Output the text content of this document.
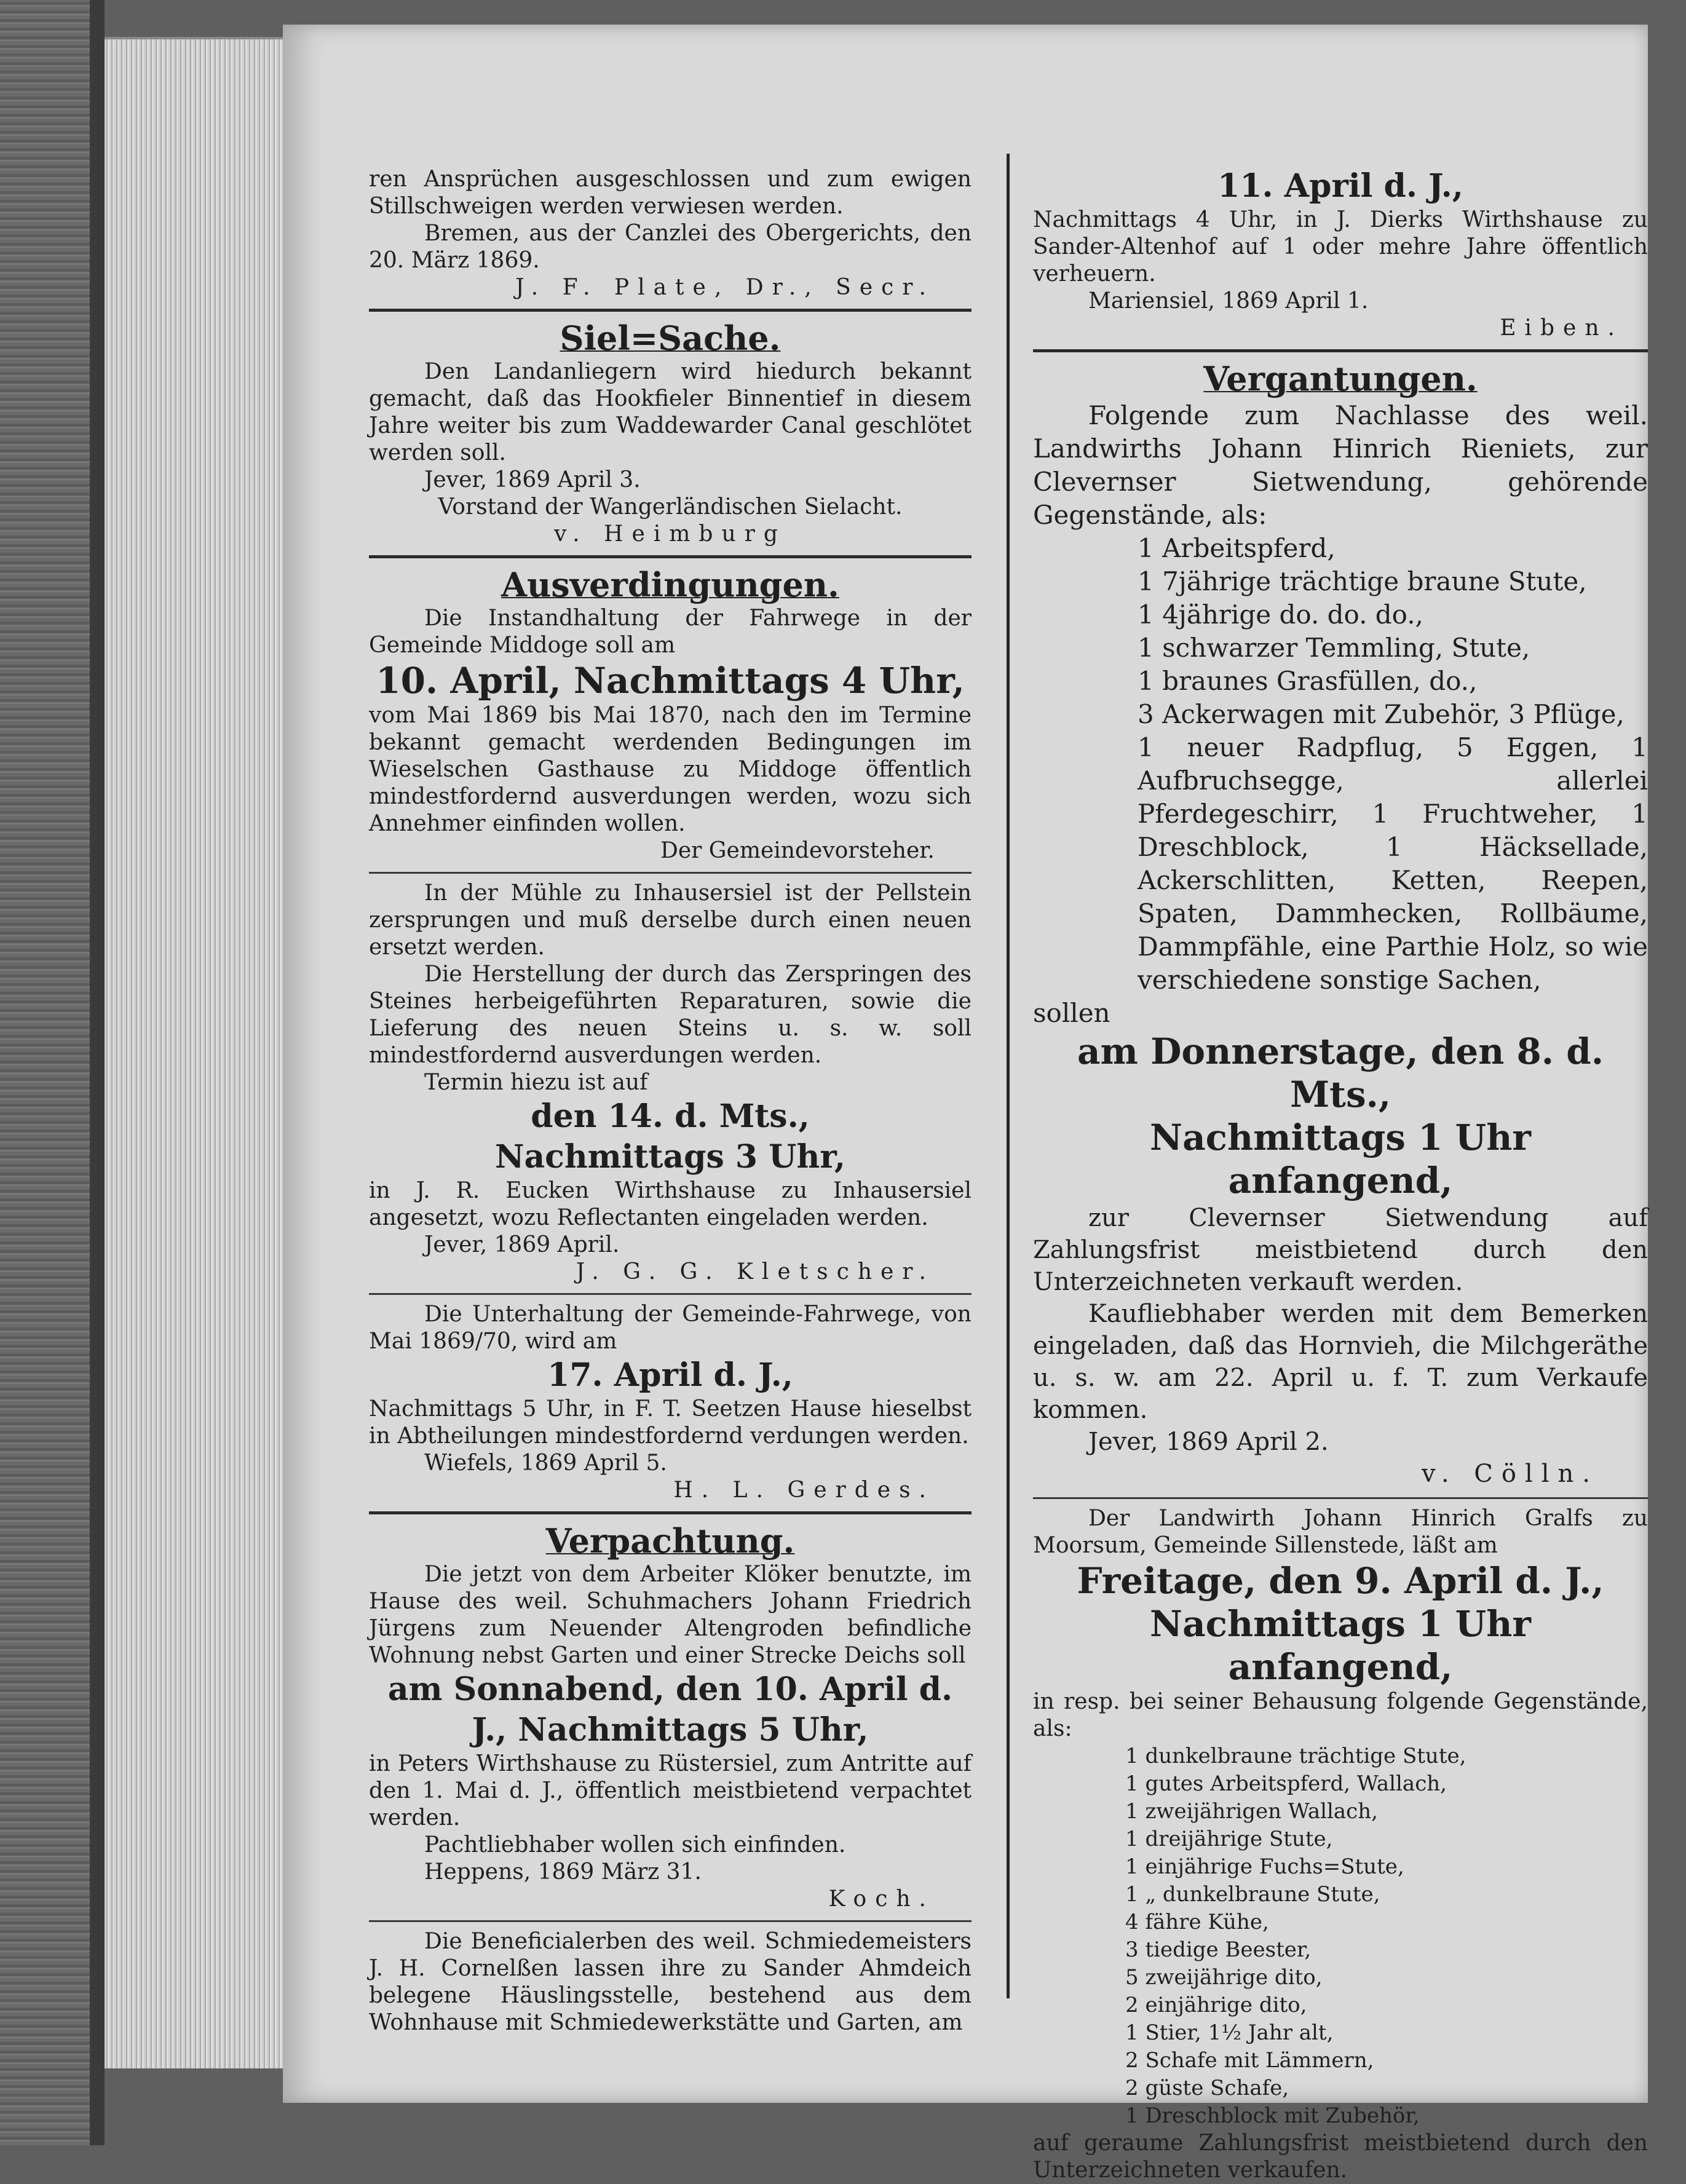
ren Ansprüchen ausgeschlossen und zum ewigen Stillschweigen werden verwiesen werden.

Bremen, aus der Canzlei des Obergerichts, den 20. März 1869.

J. F. Plate, Dr., Secr.

Siel=Sache.

Den Landanliegern wird hiedurch bekannt gemacht, daß das Hookfieler Binnentief in diesem Jahre weiter bis zum Waddewarder Canal geschlötet werden soll.

Jever, 1869 April 3.

Vorstand der Wangerländischen Sielacht.

v. Heimburg

Ausverdingungen.

Die Instandhaltung der Fahrwege in der Gemeinde Middoge soll am

10. April, Nachmittags 4 Uhr,

vom Mai 1869 bis Mai 1870, nach den im Termine bekannt gemacht werdenden Bedingungen im Wieselschen Gasthause zu Middoge öffentlich mindestfordernd ausverdungen werden, wozu sich Annehmer einfinden wollen.

Der Gemeindevorsteher.

In der Mühle zu Inhausersiel ist der Pellstein zersprungen und muß derselbe durch einen neuen ersetzt werden.

Die Herstellung der durch das Zerspringen des Steines herbeigeführten Reparaturen, sowie die Lieferung des neuen Steins u. s. w. soll mindestfordernd ausverdungen werden.

Termin hiezu ist auf

den 14. d. Mts.,

Nachmittags 3 Uhr,

in J. R. Eucken Wirthshause zu Inhausersiel angesetzt, wozu Reflectanten eingeladen werden.

Jever, 1869 April.

J. G. G. Kletscher.

Die Unterhaltung der Gemeinde-Fahrwege, von Mai 1869/70, wird am

17. April d. J.,

Nachmittags 5 Uhr, in F. T. Seetzen Hause hieselbst in Abtheilungen mindestfordernd verdungen werden.

Wiefels, 1869 April 5.

H. L. Gerdes.

Verpachtung.

Die jetzt von dem Arbeiter Klöker benutzte, im Hause des weil. Schuhmachers Johann Friedrich Jürgens zum Neuender Altengroden befindliche Wohnung nebst Garten und einer Strecke Deichs soll

am Sonnabend, den 10. April d.

J., Nachmittags 5 Uhr,

in Peters Wirthshause zu Rüstersiel, zum Antritte auf den 1. Mai d. J., öffentlich meistbietend verpachtet werden.

Pachtliebhaber wollen sich einfinden.

Heppens, 1869 März 31.

Koch.

Die Beneficialerben des weil. Schmiedemeisters J. H. Cornelßen lassen ihre zu Sander Ahmdeich belegene Häuslingsstelle, bestehend aus dem Wohnhause mit Schmiedewerkstätte und Garten, am

11. April d. J.,

Nachmittags 4 Uhr, in J. Dierks Wirthshause zu Sander-Altenhof auf 1 oder mehre Jahre öffentlich verheuern.

Mariensiel, 1869 April 1.

Eiben.

Vergantungen.

Folgende zum Nachlasse des weil. Landwirths Johann Hinrich Rieniets, zur Clevernser Sietwendung, gehörende Gegenstände, als:

1 Arbeitspferd,

1 7jährige trächtige braune Stute,

1 4jährige do. do. do.,

1 schwarzer Temmling, Stute,

1 braunes Grasfüllen, do.,

3 Ackerwagen mit Zubehör, 3 Pflüge,

1 neuer Radpflug, 5 Eggen, 1 Aufbruchsegge, allerlei Pferdegeschirr, 1 Fruchtweher, 1 Dreschblock, 1 Häcksellade, Ackerschlitten, Ketten, Reepen, Spaten, Dammhecken, Rollbäume, Dammpfähle, eine Parthie Holz, so wie verschiedene sonstige Sachen,

sollen

am Donnerstage, den 8. d. Mts.,

Nachmittags 1 Uhr anfangend,

zur Clevernser Sietwendung auf Zahlungsfrist meistbietend durch den Unterzeichneten verkauft werden.

Kaufliebhaber werden mit dem Bemerken eingeladen, daß das Hornvieh, die Milchgeräthe u. s. w. am 22. April u. f. T. zum Verkaufe kommen.

Jever, 1869 April 2.

v. Cölln.

Der Landwirth Johann Hinrich Gralfs zu Moorsum, Gemeinde Sillenstede, läßt am

Freitage, den 9. April d. J.,

Nachmittags 1 Uhr anfangend,

in resp. bei seiner Behausung folgende Gegenstände, als:

1 dunkelbraune trächtige Stute,

1 gutes Arbeitspferd, Wallach,

1 zweijährigen Wallach,

1 dreijährige Stute,

1 einjährige Fuchs=Stute,

1 „ dunkelbraune Stute,

4 fähre Kühe,

3 tiedige Beester,

5 zweijährige dito,

2 einjährige dito,

1 Stier, 1½ Jahr alt,

2 Schafe mit Lämmern,

2 güste Schafe,

1 Dreschblock mit Zubehör,

auf geraume Zahlungsfrist meistbietend durch den Unterzeichneten verkaufen.
